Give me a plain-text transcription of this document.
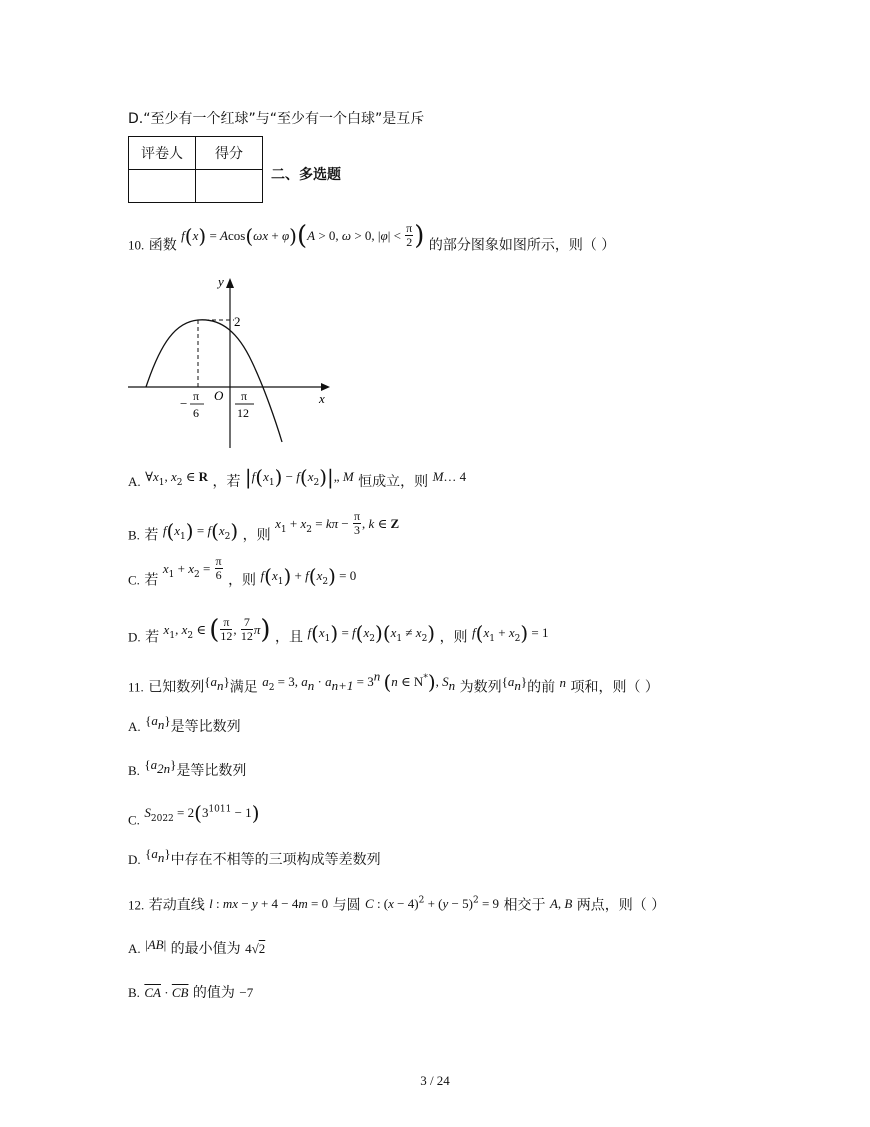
D.“至少有一个红球”与“至少有一个白球”是互斥
评卷人	得分

二、多选题
10. 函数 f(x) = Acos(ωx + φ)(A > 0, ω > 0, $|\varphi| < \frac{\pi}{2}$ ) 的部分图象如图所示，则（ ）
y
x
O
2
− π
6
π
12
A. $\forall x_1$, $x_2$ ∈ R ，若 $|f(x_1)$ − $f(x_2)|„$ M 恒成立，则 M… 4
B. 若 $f(x_1) = f(x_2)$ ，则 $x_1 + x_2 = k\pi - \frac{\pi}{3}$ , k ∈ Z
C. 若 $x_1 + x_2 = \frac{\pi}{6}$ ，则 $f(x_1) + f(x_2) = 0$
D. 若 $x_1$, $x_2$ ∈ ( $\frac{\pi}{12}$ , $\frac{7}{12} \pi$) ，且 $f(x_1) = f(x_2)(x_1 \ne x_2)$ ，则 $f(x_1 + x_2) = 1$
11. 已知数列$\{a_n\}$满足 $a_2 = 3$, $a_n \cdot a_{n+1} = 3^n$ (n ∈ N*), $S_n$ 为数列$\{a_n\}$的前 n 项和，则（ ）
A. $\{a_n\}$是等比数列
B. $\{a_{2n}\}$是等比数列
C. $S_{2022} = 2(3^{1011} - 1)$
D. $\{a_n\}$中存在不相等的三项构成等差数列
12. 若动直线 l : mx − y + 4 − 4m = 0 与圆 C : $(x - 4)^2 + (y - 5)^2 = 9$ 相交于 A, B 两点，则（ ）
A. |AB| 的最小值为 4√2
B. $\overline{CA} \cdot \overline{CB}$ 的值为 −7
3 / 24
